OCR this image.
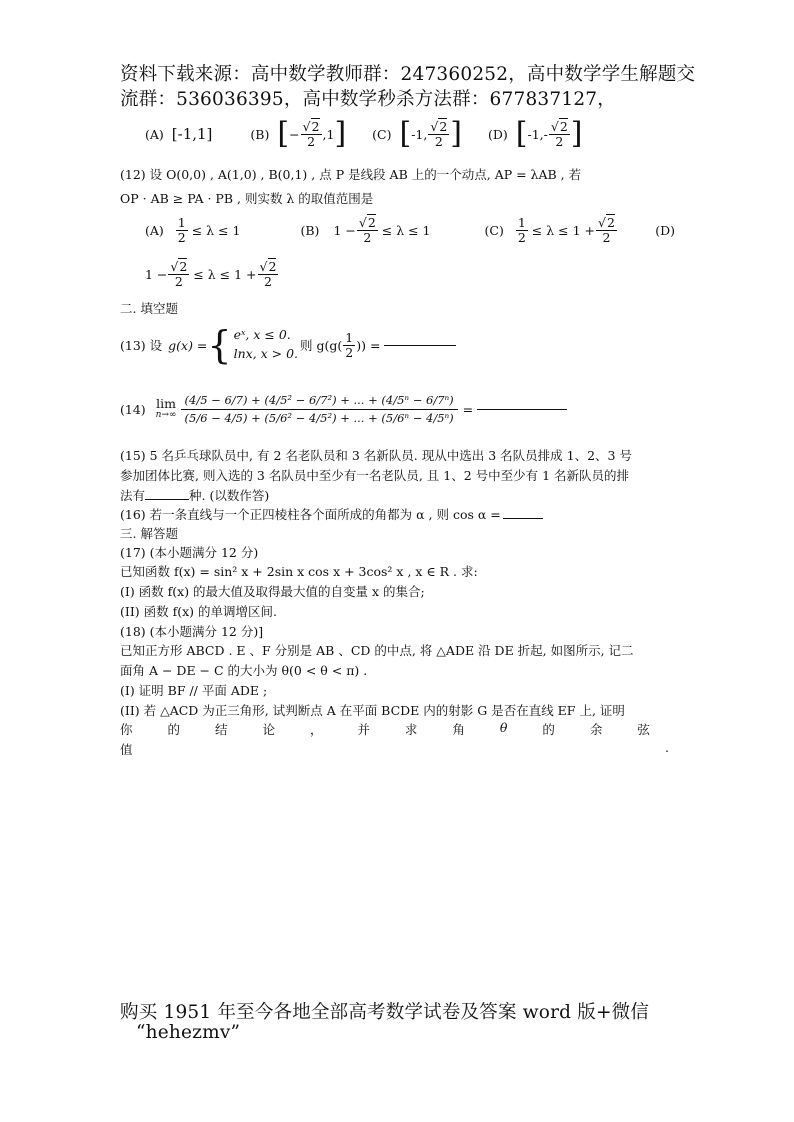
资料下载来源：高中数学教师群：247360252，高中数学学生解题交
流群：536036395，高中数学秒杀方法群：677837127，
(A) [-1,1]	(B) [ − $\frac{√2}{2} ,1$ ] (C) [ -1, $\frac{√2}{2}$ ] (D) [ $-1,- \frac{√2}{2}$ ]
(12) 设 O(0,0) , A(1,0) , B(0,1) , 点 P 是线段 AB 上的一个动点, AP = λAB , 若
OP · AB ≥ PA · PB , 则实数 λ 的取值范围是
$(A) \frac{1}{2} \le \lambda \le 1$	(B) $1 - \frac{√2}{2} \le \lambda \le 1$	$(C) \frac{1}{2} \le \lambda \le 1 + \frac{√2}{2}$	(D)
$1 - \frac{√2}{2} \le \lambda \le 1 + \frac{√2}{2}$
二. 填空题
(13) 设 g(x) = { eˣ, x ≤ 0.
lnx, x > 0.
则 $g(g( \frac{1}{2}$ )) =
(14) lim
$n\to\infty \frac{\text{(4/5 − 6/7) + (4/5² − 6/7²) + ... + (4/5ⁿ − 6/7ⁿ)}}{\text{(5/6 − 4/5) + (5/6² − 4/5²) + ... + (5/6ⁿ − 4/5ⁿ)}}$ =
(15) 5 名乒乓球队员中, 有 2 名老队员和 3 名新队员. 现从中选出 3 名队员排成 1、2、3 号
参加团体比赛, 则入选的 3 名队员中至少有一名老队员, 且 1、2 号中至少有 1 名新队员的排
法有	种. (以数作答)
(16) 若一条直线与一个正四棱柱各个面所成的角都为 α , 则 cos α =
三. 解答题
(17) (本小题满分 12 分)
已知函数 f(x) = sin² x + 2sin x cos x + 3cos² x , x ∈ R . 求:
(I) 函数 f(x) 的最大值及取得最大值的自变量 x 的集合;
(II) 函数 f(x) 的单调增区间.
(18) (本小题满分 12 分)]
已知正方形 ABCD . E 、F 分别是 AB 、CD 的中点, 将 △ADE 沿 DE 折起, 如图所示, 记二
面角 A − DE − C 的大小为 θ(0 < θ < π) .
(I) 证明 BF // 平面 ADE ;
(II) 若 △ACD 为正三角形, 试判断点 A 在平面 BCDE 内的射影 G 是否在直线 EF 上, 证明
你	的	结	论	，	并	求	角	θ	的	余	弦
值	.
购买 1951 年至今各地全部高考数学试卷及答案 word 版+微信
“hehezmv”
